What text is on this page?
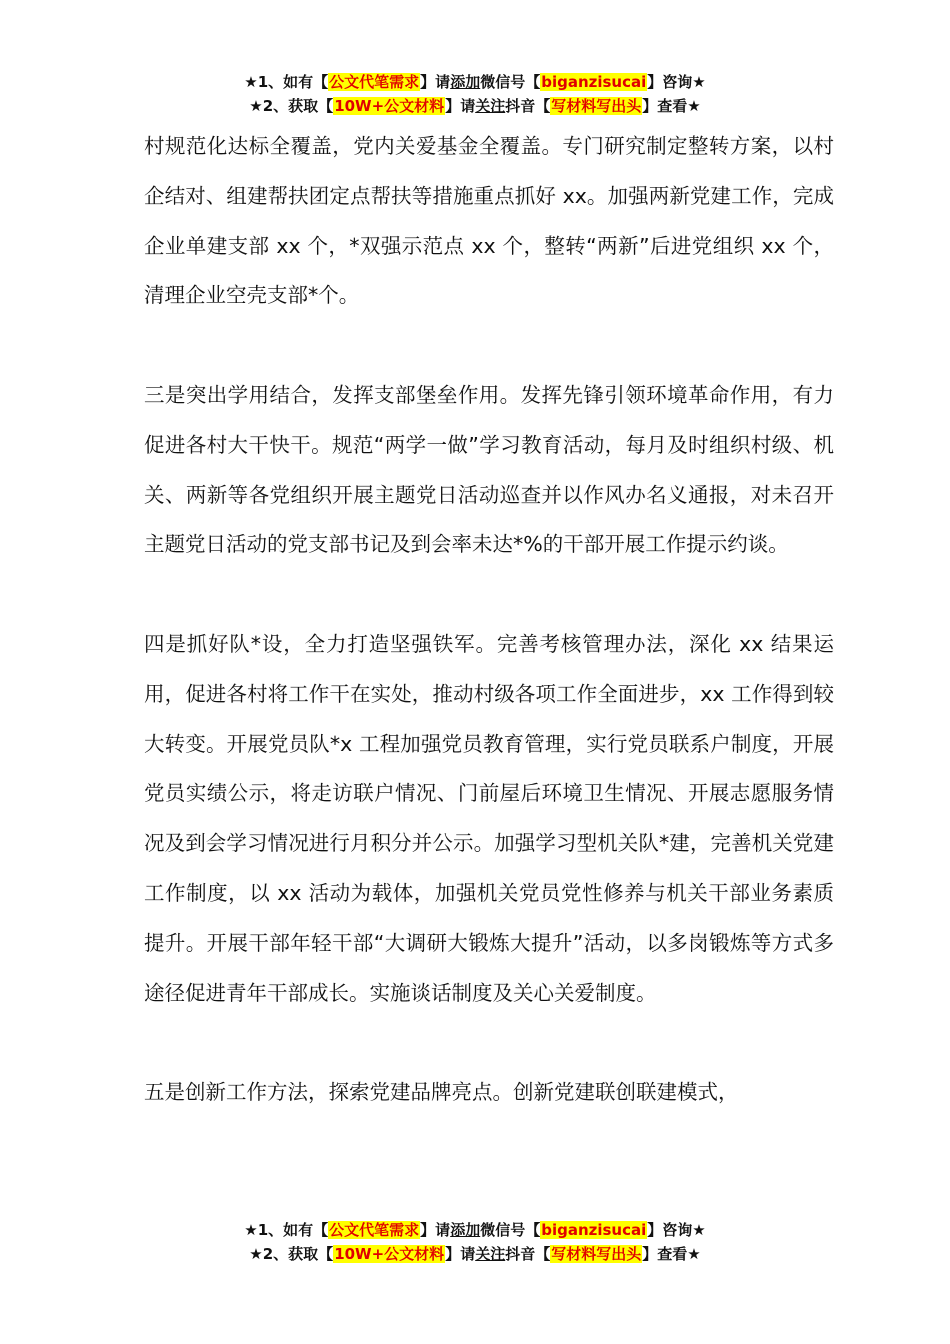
★1、如有【公文代笔需求】请添加微信号【biganzisucai】咨询★
★2、获取【10W+公文材料】请关注抖音【写材料写出头】查看★

村规范化达标全覆盖，党内关爱基金全覆盖。专门研究制定整转方案，以村企结对、组建帮扶团定点帮扶等措施重点抓好 xx。加强两新党建工作，完成企业单建支部 xx 个，*双强示范点 xx 个，整转“两新”后进党组织 xx 个，清理企业空壳支部*个。

三是突出学用结合，发挥支部堡垒作用。发挥先锋引领环境革命作用，有力促进各村大干快干。规范“两学一做”学习教育活动，每月及时组织村级、机关、两新等各党组织开展主题党日活动巡查并以作风办名义通报，对未召开主题党日活动的党支部书记及到会率未达*%的干部开展工作提示约谈。

四是抓好队*设，全力打造坚强铁军。完善考核管理办法，深化 xx 结果运用，促进各村将工作干在实处，推动村级各项工作全面进步，xx 工作得到较大转变。开展党员队*x 工程加强党员教育管理，实行党员联系户制度，开展党员实绩公示，将走访联户情况、门前屋后环境卫生情况、开展志愿服务情况及到会学习情况进行月积分并公示。加强学习型机关队*建，完善机关党建工作制度，以 xx 活动为载体，加强机关党员党性修养与机关干部业务素质提升。开展干部年轻干部“大调研大锻炼大提升”活动，以多岗锻炼等方式多途径促进青年干部成长。实施谈话制度及关心关爱制度。

五是创新工作方法，探索党建品牌亮点。创新党建联创联建模式，

★1、如有【公文代笔需求】请添加微信号【biganzisucai】咨询★
★2、获取【10W+公文材料】请关注抖音【写材料写出头】查看★
